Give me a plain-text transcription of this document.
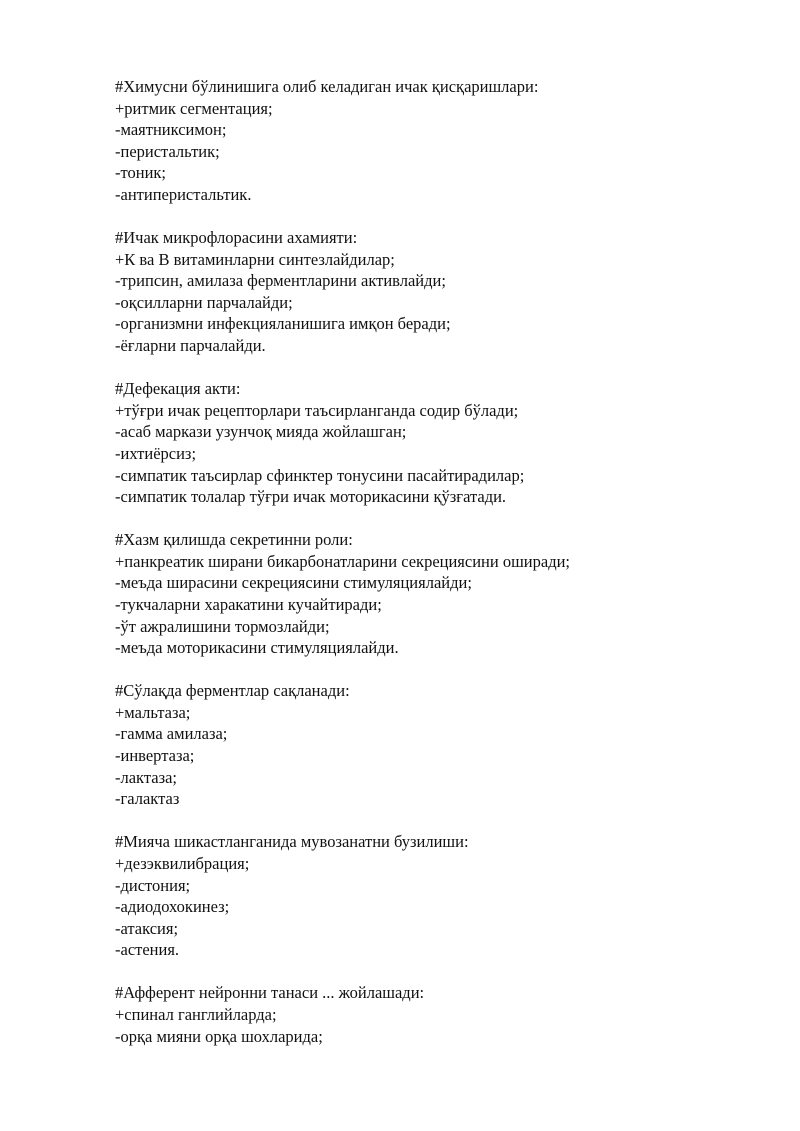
#Химусни бўлинишига олиб келадиган ичак қисқаришлари:
+ритмик сегментация;
-маятниксимон;
-перистальтик;
-тоник;
-антиперистальтик.
#Ичак микрофлорасини ахамияти:
+К ва В витаминларни синтезлайдилар;
-трипсин, амилаза ферментларини активлайди;
-оқсилларни парчалайди;
-организмни инфекцияланишига имқон беради;
-ёғларни парчалайди.
#Дефекация акти:
+тўғри ичак рецепторлари таъсирланганда содир бўлади;
-асаб маркази узунчоқ мияда жойлашган;
-ихтиёрсиз;
-симпатик таъсирлар сфинктер тонусини пасайтирадилар;
-симпатик толалар тўғри ичак моторикасини қўзғатади.
#Хазм қилишда секретинни роли:
+панкреатик ширани бикарбонатларини секрециясини оширади;
-меъда ширасини секрециясини стимуляциялайди;
-тукчаларни харакатини кучайтиради;
-ўт ажралишини тормозлайди;
-меъда моторикасини стимуляциялайди.
#Сўлақда ферментлар сақланади:
+мальтаза;
-гамма амилаза;
-инвертаза;
-лактаза;
-галактаз
#Мияча шикастланганида мувозанатни бузилиши:
+дезэквилибрация;
-дистония;
-адиодохокинез;
-атаксия;
-астения.
#Афферент нейронни танаси ... жойлашади:
+спинал ганглийларда;
-орқа мияни орқа шохларида;
